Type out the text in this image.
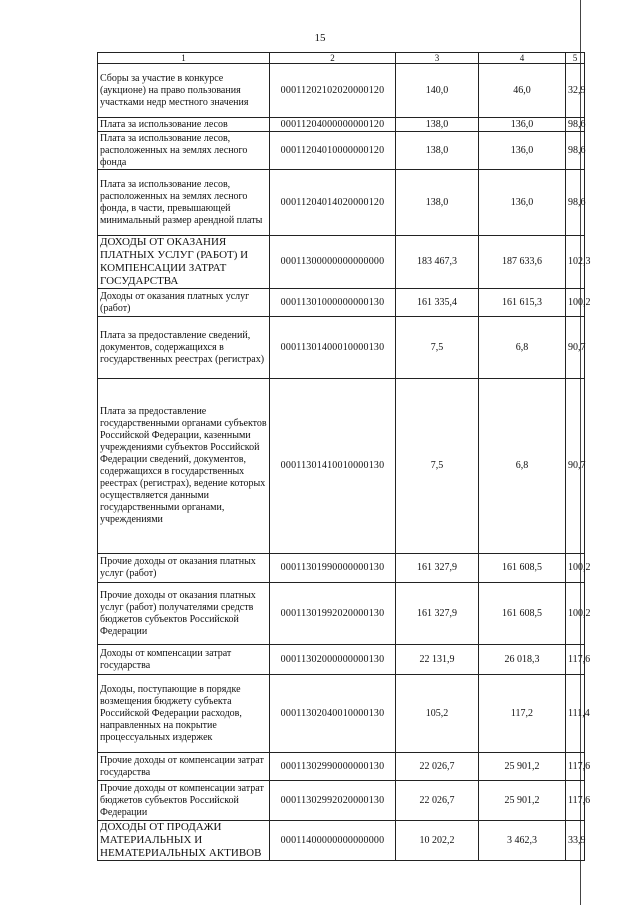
15
1	2	3	4	5
Сборы за участие в конкурсе (аукционе) на право пользования участками недр местного значения	00011202102020000120	140,0	46,0	32,9
Плата за использование лесов	00011204000000000120	138,0	136,0	98,6
Плата за использование лесов, расположенных на землях лесного фонда	00011204010000000120	138,0	136,0	98,6
Плата за использование лесов, расположенных на землях лесного фонда, в части, превышающей минимальный размер арендной платы	00011204014020000120	138,0	136,0	98,6
ДОХОДЫ ОТ ОКАЗАНИЯ ПЛАТНЫХ УСЛУГ (РАБОТ) И КОМПЕНСАЦИИ ЗАТРАТ ГОСУДАРСТВА	00011300000000000000	183 467,3	187 633,6	102,3
Доходы от оказания платных услуг (работ)	00011301000000000130	161 335,4	161 615,3	100,2
Плата за предоставление сведений, документов, содержащихся в государственных реестрах (регистрах)	00011301400010000130	7,5	6,8	90,7
Плата за предоставление государственными органами субъектов Российской Федерации, казенными учреждениями субъектов Российской Федерации сведений, документов, содержащихся в государственных реестрах (регистрах), ведение которых осуществляется данными государственными органами, учреждениями	00011301410010000130	7,5	6,8	90,7
Прочие доходы от оказания платных услуг (работ)	00011301990000000130	161 327,9	161 608,5	100,2
Прочие доходы от оказания платных услуг (работ) получателями средств бюджетов субъектов Российской Федерации	00011301992020000130	161 327,9	161 608,5	100,2
Доходы от компенсации затрат государства	00011302000000000130	22 131,9	26 018,3	117,6
Доходы, поступающие в порядке возмещения бюджету субъекта Российской Федерации расходов, направленных на покрытие процессуальных издержек	00011302040010000130	105,2	117,2	111,4
Прочие доходы от компенсации затрат государства	00011302990000000130	22 026,7	25 901,2	117,6
Прочие доходы от компенсации затрат бюджетов субъектов Российской Федерации	00011302992020000130	22 026,7	25 901,2	117,6
ДОХОДЫ ОТ ПРОДАЖИ МАТЕРИАЛЬНЫХ И НЕМАТЕРИАЛЬНЫХ АКТИВОВ	00011400000000000000	10 202,2	3 462,3	33,9
